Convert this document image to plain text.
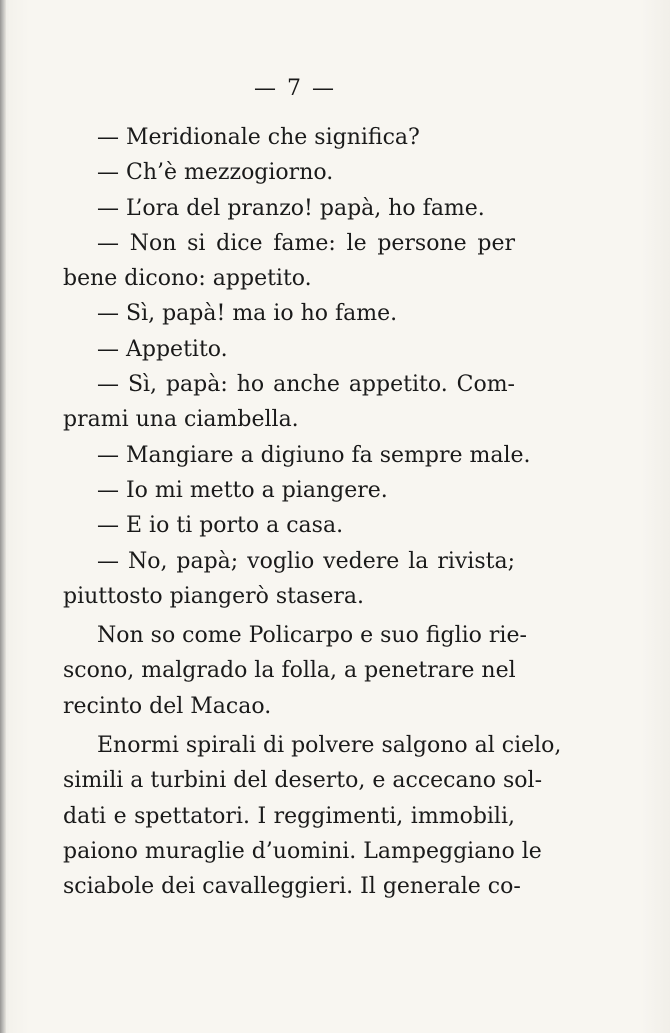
— 7 —
— Meridionale che significa?
— Ch’è mezzogiorno.
— L’ora del pranzo! papà, ho fame.
— Non si dice fame: le persone per
bene dicono: appetito.
— Sì, papà! ma io ho fame.
— Appetito.
— Sì, papà: ho anche appetito. Com-
prami una ciambella.
— Mangiare a digiuno fa sempre male.
— Io mi metto a piangere.
— E io ti porto a casa.
— No, papà; voglio vedere la rivista;
piuttosto piangerò stasera.
Non so come Policarpo e suo figlio rie-
scono, malgrado la folla, a penetrare nel
recinto del Macao.
Enormi spirali di polvere salgono al cielo,
simili a turbini del deserto, e accecano sol-
dati e spettatori. I reggimenti, immobili,
paiono muraglie d’uomini. Lampeggiano le
sciabole dei cavalleggieri. Il generale co-
